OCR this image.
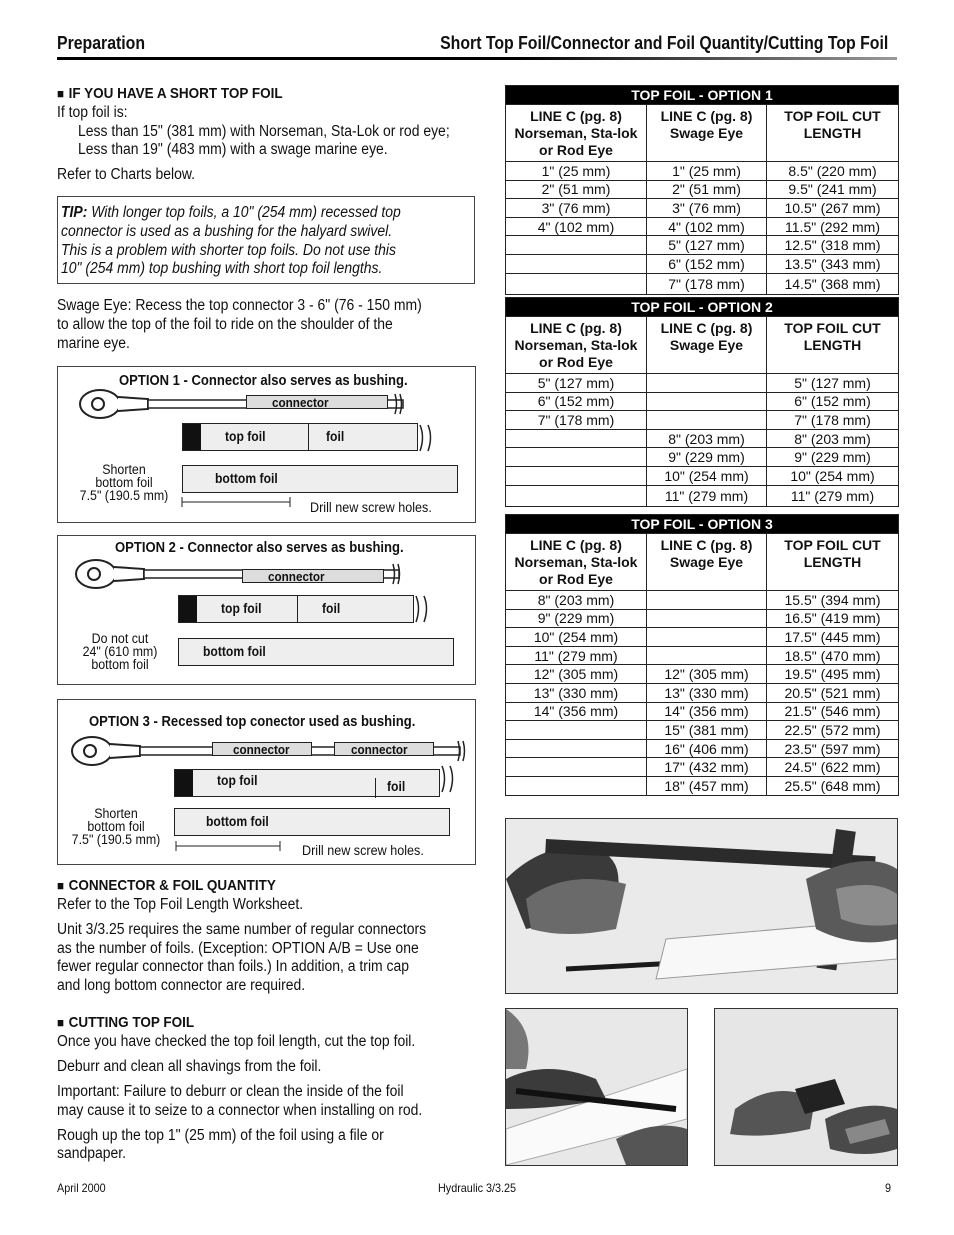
Preparation	Short Top Foil/Connector and Foil Quantity/Cutting Top Foil
■ IF YOU HAVE A SHORT TOP FOIL
If top foil is:
Less than 15" (381 mm) with Norseman, Sta-Lok or rod eye;
Less than 19" (483 mm) with a swage marine eye.
Refer to Charts below.
TIP: With longer top foils, a 10" (254 mm) recessed top
connector is used as a bushing for the halyard swivel.
This is a problem with shorter top foils. Do not use this
10" (254 mm) top bushing with short top foil lengths.
Swage Eye: Recess the top connector 3 - 6" (76 - 150 mm)
to allow the top of the foil to ride on the shoulder of the
marine eye.
OPTION 1 - Connector also serves as bushing.
connector
top foil	foil
bottom foil
Shorten
bottom foil
7.5" (190.5 mm)
Drill new screw holes.
OPTION 2 - Connector also serves as bushing.
connector
top foil	foil
bottom foil
Do not cut
24" (610 mm)
bottom foil
OPTION 3 - Recessed top conector used as bushing.
connector	connector
top foil	foil
bottom foil
Shorten
bottom foil
7.5" (190.5 mm)
Drill new screw holes.
■ CONNECTOR & FOIL QUANTITY
Refer to the Top Foil Length Worksheet.
Unit 3/3.25 requires the same number of regular connectors
as the number of foils. (Exception: OPTION A/B = Use one
fewer regular connector than foils.) In addition, a trim cap
and long bottom connector are required.
■ CUTTING TOP FOIL
Once you have checked the top foil length, cut the top foil.
Deburr and clean all shavings from the foil.
Important: Failure to deburr or clean the inside of the foil
may cause it to seize to a connector when installing on rod.
Rough up the top 1" (25 mm) of the foil using a file or
sandpaper.
TOP FOIL - OPTION 1		
LINE C (pg. 8) Norseman, Sta-lok or Rod Eye	LINE C (pg. 8) Swage Eye	TOP FOIL CUT LENGTH
1" (25 mm)	1" (25 mm)	8.5" (220 mm)
2" (51 mm)	2" (51 mm)	9.5" (241 mm)
3" (76 mm)	3" (76 mm)	10.5" (267 mm)
4" (102 mm)	4" (102 mm)	11.5" (292 mm)
	5" (127 mm)	12.5" (318 mm)
	6" (152 mm)	13.5" (343 mm)
	7" (178 mm)	14.5" (368 mm)
TOP FOIL - OPTION 2		
LINE C (pg. 8) Norseman, Sta-lok or Rod Eye	LINE C (pg. 8) Swage Eye	TOP FOIL CUT LENGTH
5" (127 mm)		5" (127 mm)
6" (152 mm)		6" (152 mm)
7" (178 mm)		7" (178 mm)
	8" (203 mm)	8" (203 mm)
	9" (229 mm)	9" (229 mm)
	10" (254 mm)	10" (254 mm)
	11" (279 mm)	11" (279 mm)
TOP FOIL - OPTION 3		
LINE C (pg. 8) Norseman, Sta-lok or Rod Eye	LINE C (pg. 8) Swage Eye	TOP FOIL CUT LENGTH
8" (203 mm)		15.5" (394 mm)
9" (229 mm)		16.5" (419 mm)
10" (254 mm)		17.5" (445 mm)
11" (279 mm)		18.5" (470 mm)
12" (305 mm)	12" (305 mm)	19.5" (495 mm)
13" (330 mm)	13" (330 mm)	20.5" (521 mm)
14" (356 mm)	14" (356 mm)	21.5" (546 mm)
	15" (381 mm)	22.5" (572 mm)
	16" (406 mm)	23.5" (597 mm)
	17" (432 mm)	24.5" (622 mm)
	18" (457 mm)	25.5" (648 mm)
April 2000	Hydraulic 3/3.25	9
